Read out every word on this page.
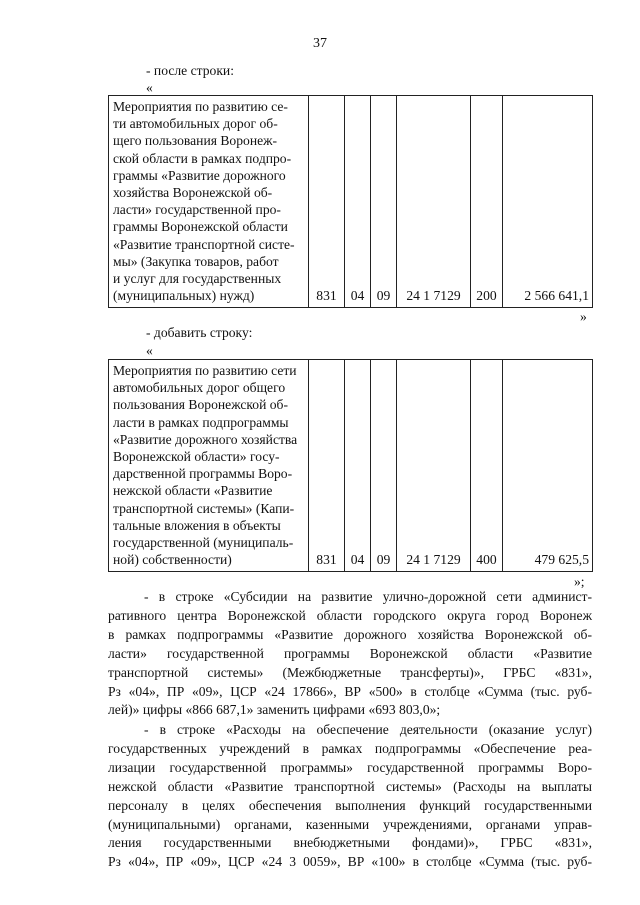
37
- после строки:
«
Мероприятия по развитию се-
ти автомобильных дорог об-
щего пользования Воронеж-
ской области в рамках подпро-
граммы «Развитие дорожного
хозяйства Воронежской об-
ласти» государственной про-
граммы Воронежской области
«Развитие транспортной систе-
мы» (Закупка товаров, работ
и услуг для государственных
(муниципальных) нужд)	831	04	09	24 1 7129	200	2 566 641,1
»
- добавить строку:
«
Мероприятия по развитию сети
автомобильных дорог общего
пользования Воронежской об-
ласти в рамках подпрограммы
«Развитие дорожного хозяйства
Воронежской области» госу-
дарственной программы Воро-
нежской области «Развитие
транспортной системы» (Капи-
тальные вложения в объекты
государственной (муниципаль-
ной) собственности)	831	04	09	24 1 7129	400	479 625,5
»;
- в строке «Субсидии на развитие улично-дорожной сети админист-
ративного центра Воронежской области городского округа город Воронеж
в рамках подпрограммы «Развитие дорожного хозяйства Воронежской об-
ласти» государственной программы Воронежской области «Развитие
транспортной системы» (Межбюджетные трансферты)», ГРБС «831»,
Рз «04», ПР «09», ЦСР «24 17866», ВР «500» в столбце «Сумма (тыс. руб-
лей)» цифры «866 687,1» заменить цифрами «693 803,0»;
- в строке «Расходы на обеспечение деятельности (оказание услуг)
государственных учреждений в рамках подпрограммы «Обеспечение реа-
лизации государственной программы» государственной программы Воро-
нежской области «Развитие транспортной системы» (Расходы на выплаты
персоналу в целях обеспечения выполнения функций государственными
(муниципальными) органами, казенными учреждениями, органами управ-
ления государственными внебюджетными фондами)», ГРБС «831»,
Рз «04», ПР «09», ЦСР «24 3 0059», ВР «100» в столбце «Сумма (тыс. руб-
